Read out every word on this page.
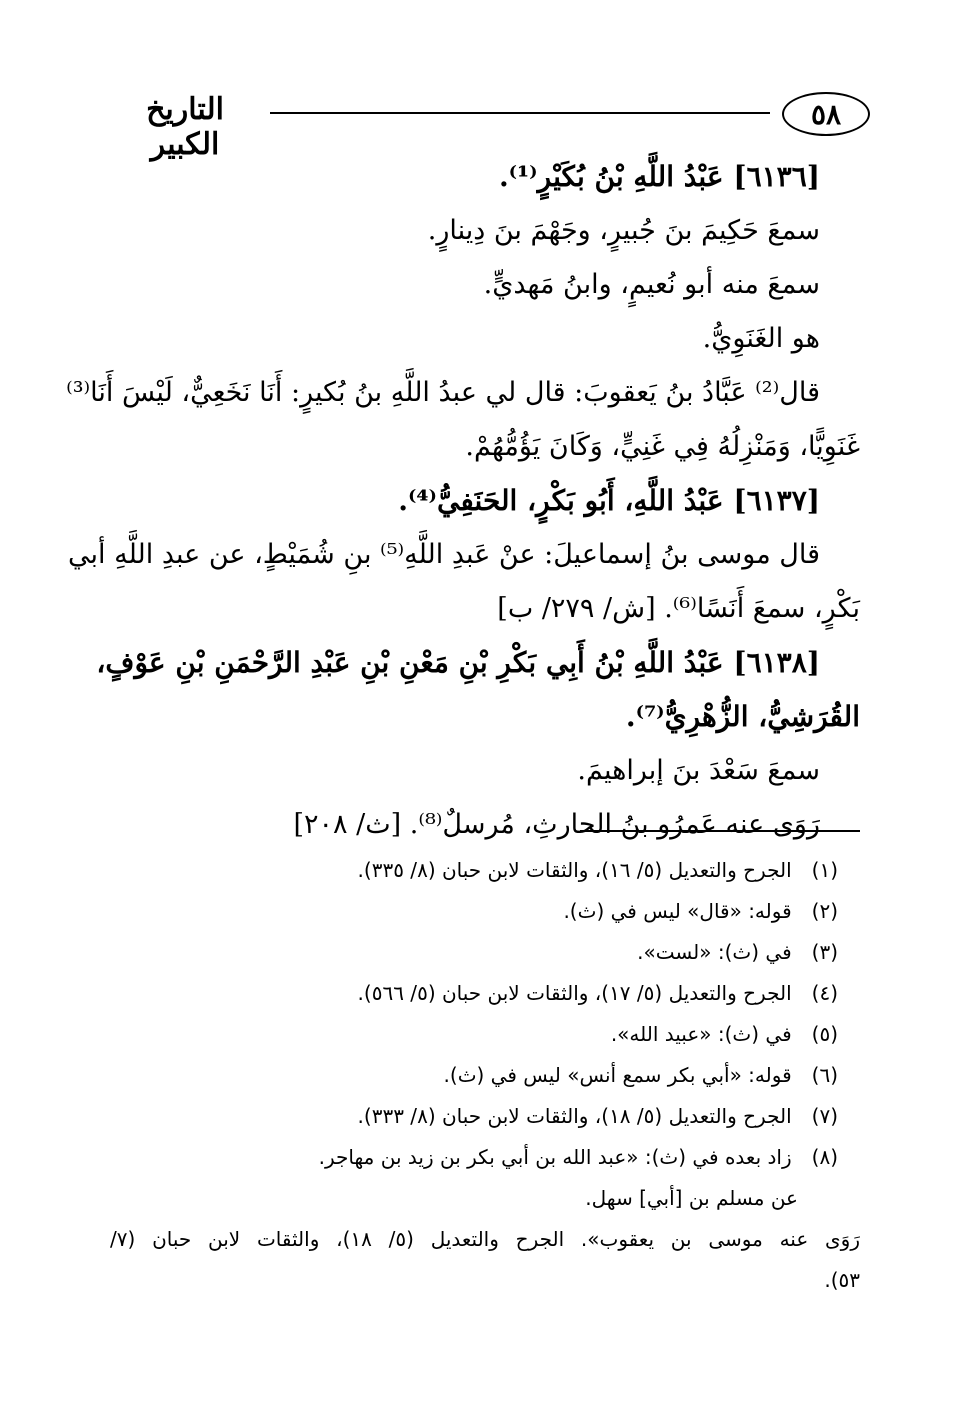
٥٨
التاريخ الكبير
[٦١٣٦] عَبْدُ اللَّهِ بْنُ بُكَيْرٍ⁽¹⁾.
سمعَ حَكِيمَ بنَ جُبيرٍ، وجَهْمَ بنَ دِينارٍ.
سمعَ منه أبو نُعيمٍ، وابنُ مَهديٍّ.
هو الغَنَوِيُّ.
قال⁽²⁾ عَبَّادُ بنُ يَعقوبَ: قال لي عبدُ اللَّهِ بنُ بُكيرٍ: أَنَا نَخَعِيٌّ، لَيْسَ أَنَا⁽³⁾
غَنَوِيًّا، وَمَنْزِلُهُ فِي غَنِيٍّ، وَكَانَ يَؤُمُّهُمْ.
[٦١٣٧] عَبْدُ اللَّهِ، أَبُو بَكْرٍ، الحَنَفِيُّ⁽⁴⁾.
قال موسى بنُ إسماعيلَ: عنْ عَبدِ اللَّهِ⁽⁵⁾ بنِ شُمَيْطٍ، عن عبدِ اللَّهِ أبي
بَكْرٍ، سمعَ أَنَسًا⁽⁶⁾. [ش/ ٢٧٩/ ب]
[٦١٣٨] عَبْدُ اللَّهِ بْنُ أَبِي بَكْرِ بْنِ مَعْنِ بْنِ عَبْدِ الرَّحْمَنِ بْنِ عَوْفٍ،
القُرَشِيُّ، الزُّهْرِيُّ⁽⁷⁾.
سمعَ سَعْدَ بنَ إبراهيمَ.
رَوَى عنه عَمرُو بنُ الحارثِ، مُرسلٌ⁽⁸⁾. [ث/ ٢٠٨]
(١) الجرح والتعديل (٥/ ١٦)، والثقات لابن حبان (٨/ ٣٣٥).
(٢) قوله: «قال» ليس في (ث).
(٣) في (ث): «لست».
(٤) الجرح والتعديل (٥/ ١٧)، والثقات لابن حبان (٥/ ٥٦٦).
(٥) في (ث): «عبيد الله».
(٦) قوله: «أبي بكر سمع أنس» ليس في (ث).
(٧) الجرح والتعديل (٥/ ١٨)، والثقات لابن حبان (٨/ ٣٣٣).
(٨) زاد بعده في (ث): «عبد الله بن أبي بكر بن زيد بن مهاجر.
عن مسلم بن [أبي] سهل.
رَوَى عنه موسى بن يعقوب». الجرح والتعديل (٥/ ١٨)، والثقات لابن حبان (٧/
٥٣).
